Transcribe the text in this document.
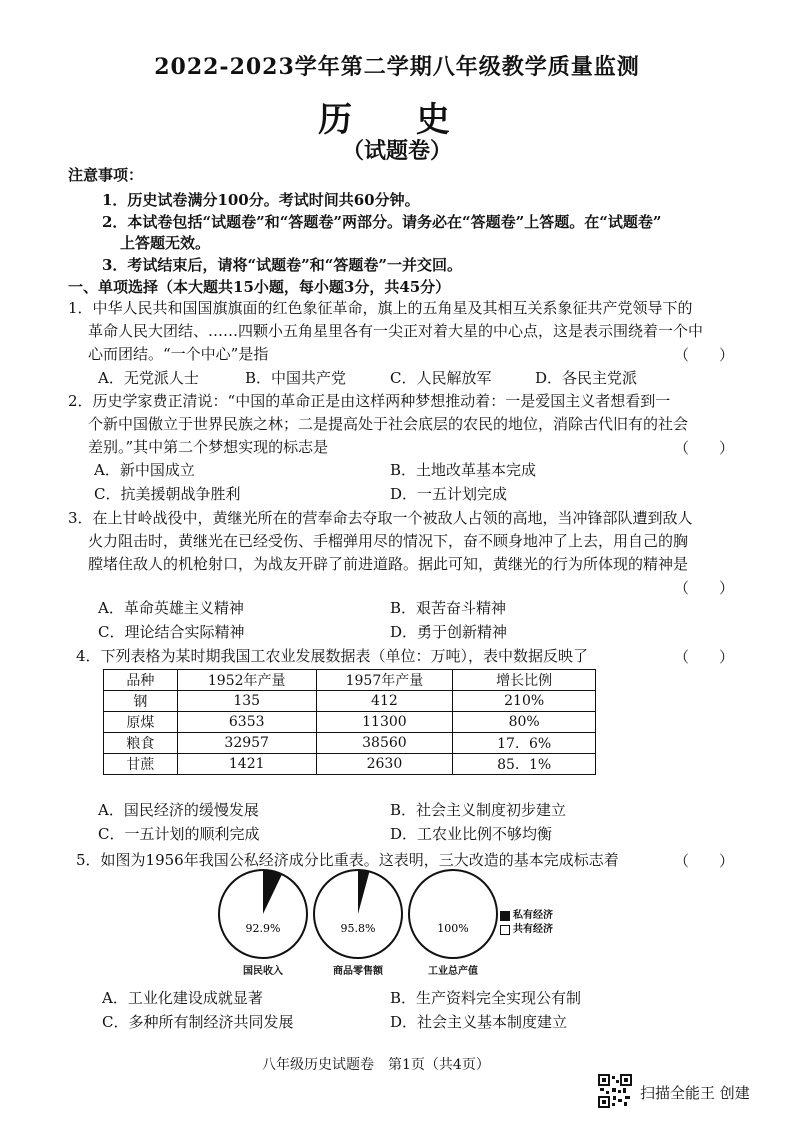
2022-2023学年第二学期八年级教学质量监测
历 史
（试题卷）
注意事项：
1．历史试卷满分100分。考试时间共60分钟。
2．本试卷包括“试题卷”和“答题卷”两部分。请务必在“答题卷”上答题。在“试题卷”
上答题无效。
3．考试结束后，请将“试题卷”和“答题卷”一并交回。
一、单项选择（本大题共15小题，每小题3分，共45分）
1．中华人民共和国国旗旗面的红色象征革命，旗上的五角星及其相互关系象征共产党领导下的
革命人民大团结、……四颗小五角星里各有一尖正对着大星的中心点，这是表示围绕着一个中
心而团结。“一个中心”是指	（　　）
A．无党派人士	B．中国共产党	C．人民解放军	D．各民主党派
2．历史学家费正清说：“中国的革命正是由这样两种梦想推动着：一是爱国主义者想看到一
个新中国傲立于世界民族之林；二是提高处于社会底层的农民的地位，消除古代旧有的社会
差别。”其中第二个梦想实现的标志是	（　　）
A．新中国成立	B．土地改革基本完成
C．抗美援朝战争胜利	D．一五计划完成
3．在上甘岭战役中，黄继光所在的营奉命去夺取一个被敌人占领的高地，当冲锋部队遭到敌人
火力阻击时，黄继光在已经受伤、手榴弹用尽的情况下，奋不顾身地冲了上去，用自己的胸
膛堵住敌人的机枪射口，为战友开辟了前进道路。据此可知，黄继光的行为所体现的精神是
（　　）
A．革命英雄主义精神	B．艰苦奋斗精神
C．理论结合实际精神	D．勇于创新精神
4．下列表格为某时期我国工农业发展数据表（单位：万吨），表中数据反映了	（　　）
品种	1952年产量	1957年产量	增长比例
钢	135	412	210%
原煤	6353	11300	80%
粮食	32957	38560	17．6%
甘蔗	1421	2630	85．1%
A．国民经济的缓慢发展	B．社会主义制度初步建立
C．一五计划的顺利完成	D．工农业比例不够均衡
5．如图为1956年我国公私经济成分比重表。这表明，三大改造的基本完成标志着	（　　）
92.9%	95.8%	100%
私有经济
共有经济
国民收入	商品零售额	工业总产值
A．工业化建设成就显著	B．生产资料完全实现公有制
C．多种所有制经济共同发展	D．社会主义基本制度建立
八年级历史试题卷　第1页（共4页）
扫描全能王 创建
